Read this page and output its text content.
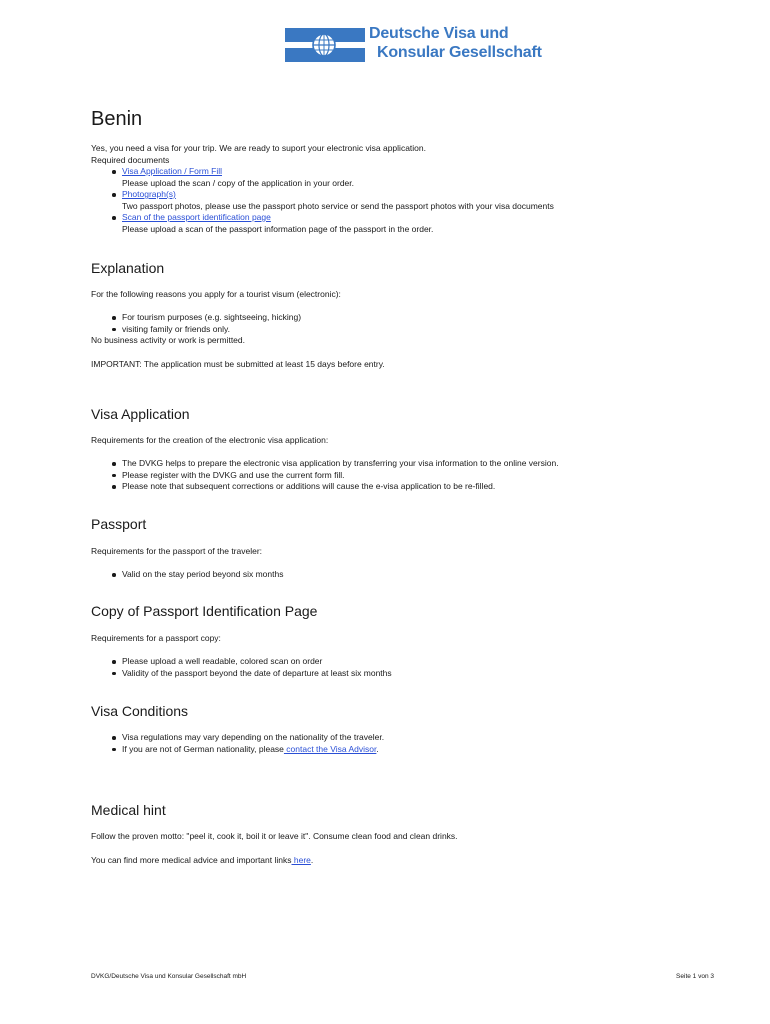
Deutsche Visa und
Konsular Gesellschaft
Benin

Yes, you need a visa for your trip. We are ready to suport your electronic visa application.

Required documents

Visa Application / Form Fill
Please upload the scan / copy of the application in your order.
Photograph(s)
Two passport photos, please use the passport photo service or send the passport photos with your visa documents
Scan of the passport identification page
Please upload a scan of the passport information page of the passport in the order.
Explanation

For the following reasons you apply for a tourist visum (electronic):

For tourism purposes (e.g. sightseeing, hicking)
visiting family or friends only.

No business activity or work is permitted.

IMPORTANT: The application must be submitted at least 15 days before entry.

Visa Application

Requirements for the creation of the electronic visa application:

The DVKG helps to prepare the electronic visa application by transferring your visa information to the online version.
Please register with the DVKG and use the current form fill.
Please note that subsequent corrections or additions will cause the e-visa application to be re-filled.
Passport

Requirements for the passport of the traveler:

Valid on the stay period beyond six months
Copy of Passport Identification Page

Requirements for a passport copy:

Please upload a well readable, colored scan on order
Validity of the passport beyond the date of departure at least six months
Visa Conditions
Visa regulations may vary depending on the nationality of the traveler.
If you are not of German nationality, please contact the Visa Advisor.
Medical hint

Follow the proven motto: "peel it, cook it, boil it or leave it". Consume clean food and clean drinks.

You can find more medical advice and important links here.

DVKG/Deutsche Visa und Konsular Gesellschaft mbH	Seite 1 von 3
